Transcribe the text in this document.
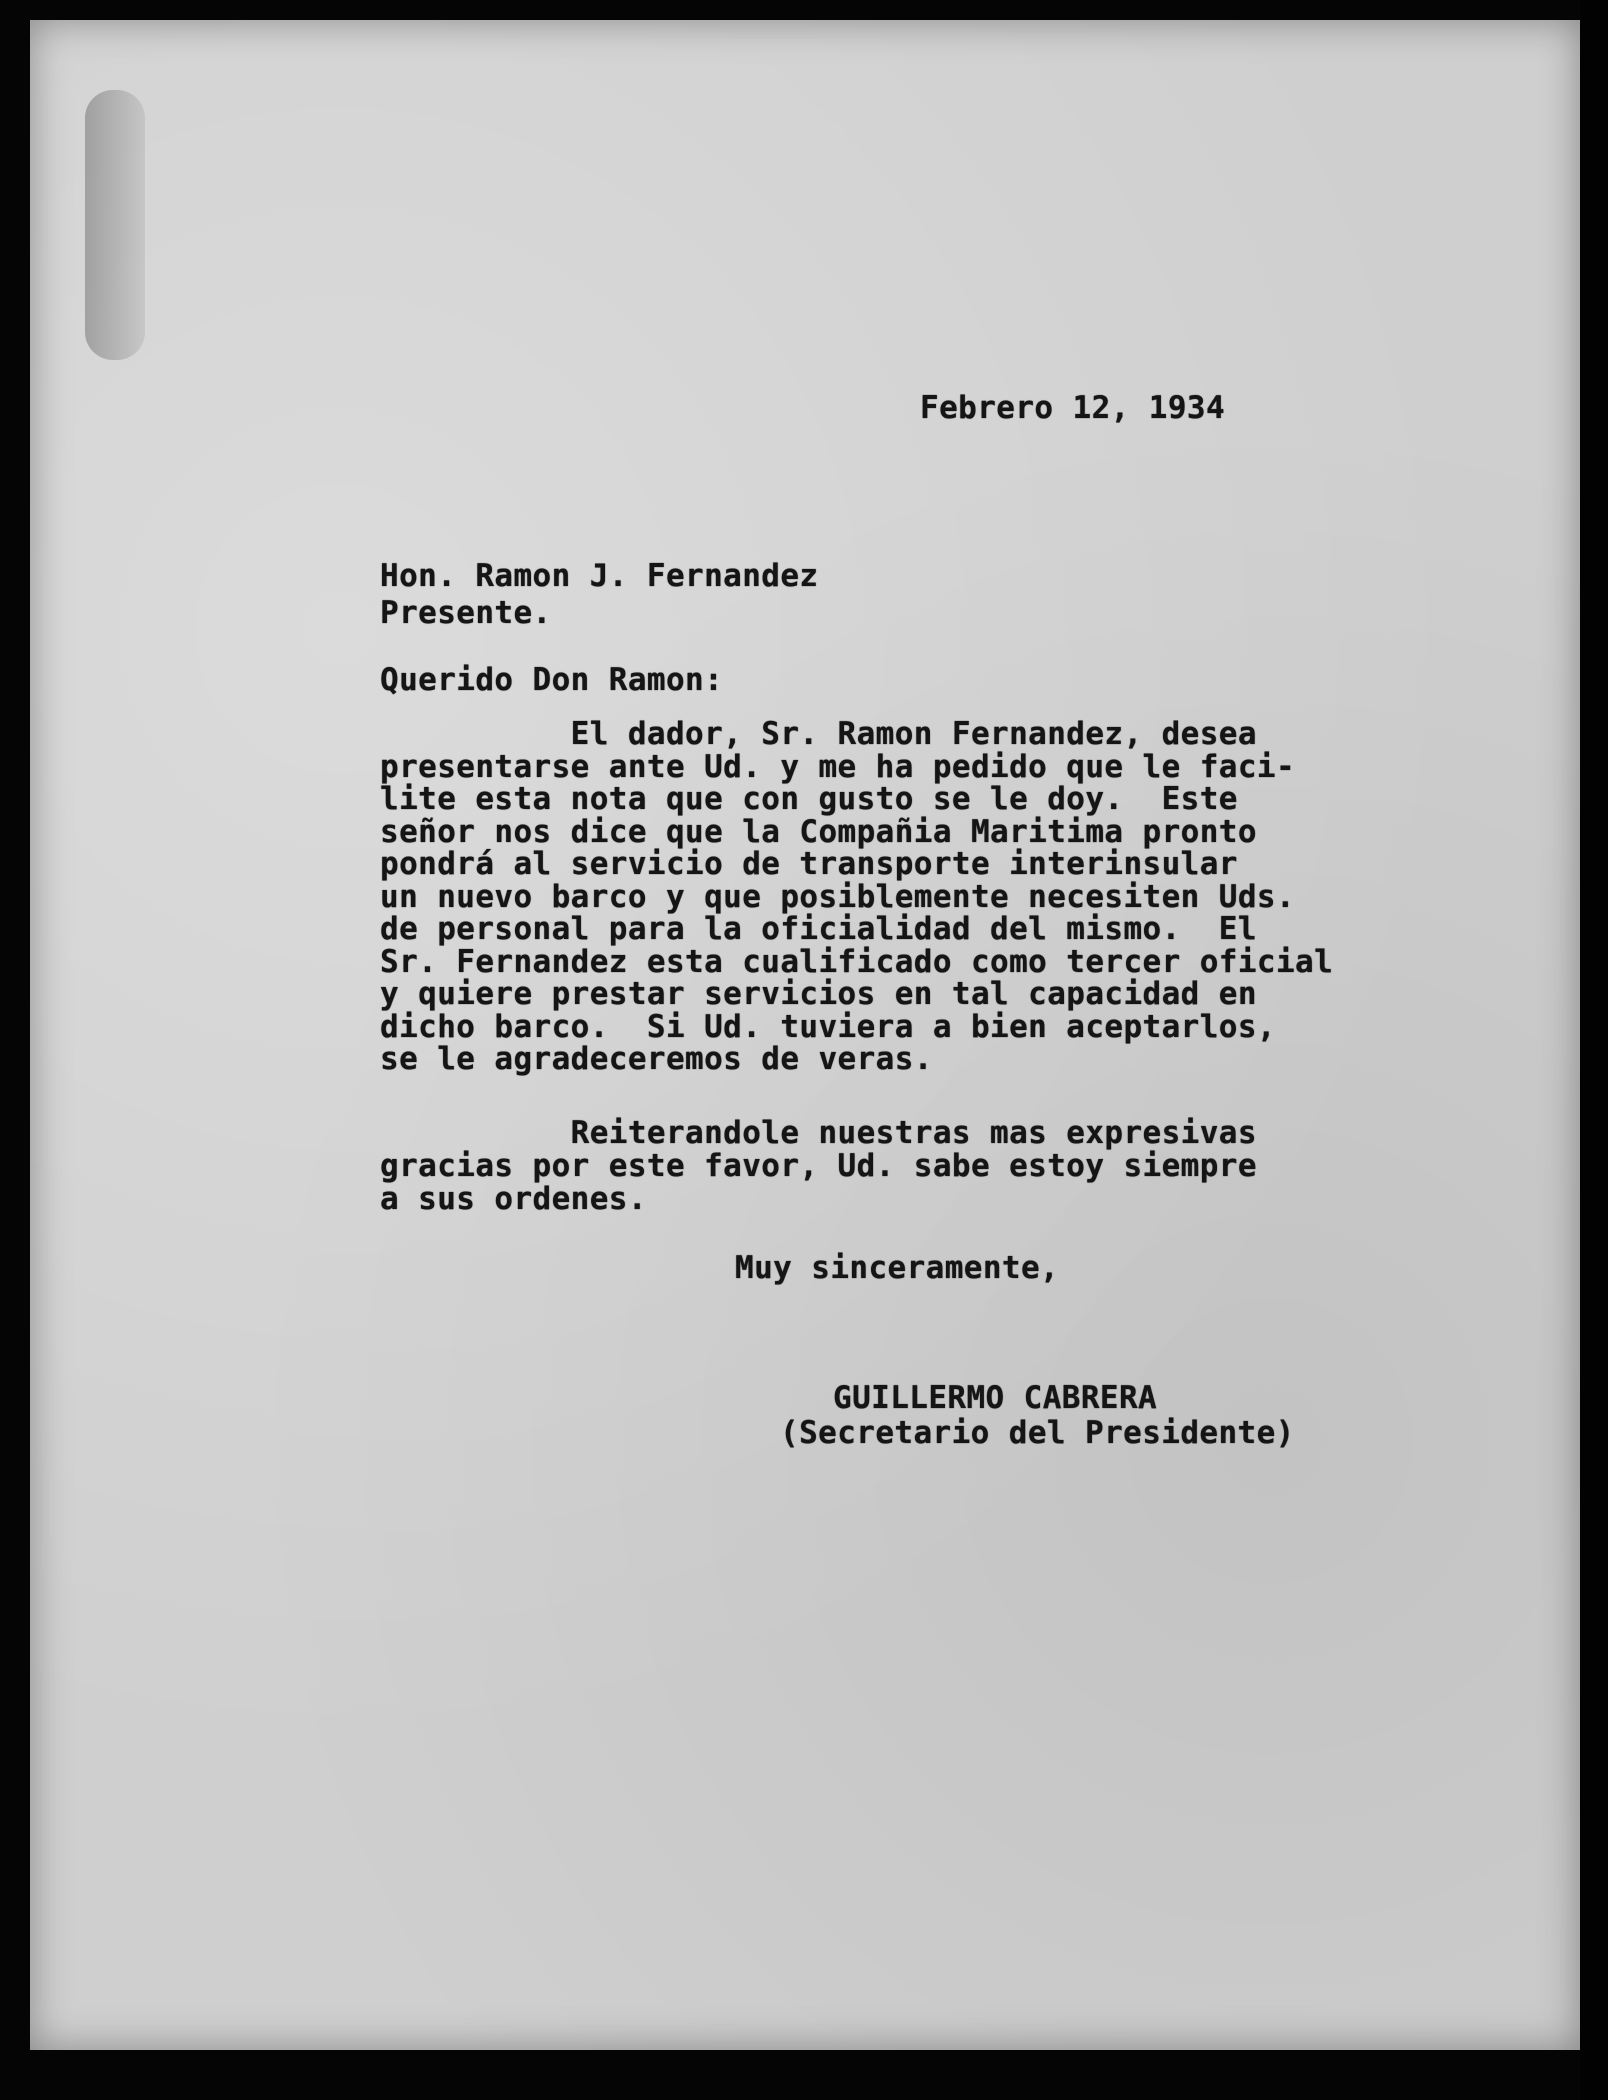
Febrero 12, 1934
Hon. Ramon J. Fernandez
Presente.
Querido Don Ramon:
El dador, Sr. Ramon Fernandez, desea
presentarse ante Ud. y me ha pedido que le faci-
lite esta nota que con gusto se le doy.  Este
señor nos dice que la Compañia Maritima pronto
pondrá al servicio de transporte interinsular
un nuevo barco y que posiblemente necesiten Uds.
de personal para la oficialidad del mismo.  El
Sr. Fernandez esta cualificado como tercer oficial
y quiere prestar servicios en tal capacidad en
dicho barco.  Si Ud. tuviera a bien aceptarlos,
se le agradeceremos de veras.
Reiterandole nuestras mas expresivas
gracias por este favor, Ud. sabe estoy siempre
a sus ordenes.
Muy sinceramente,
GUILLERMO CABRERA
(Secretario del Presidente)
